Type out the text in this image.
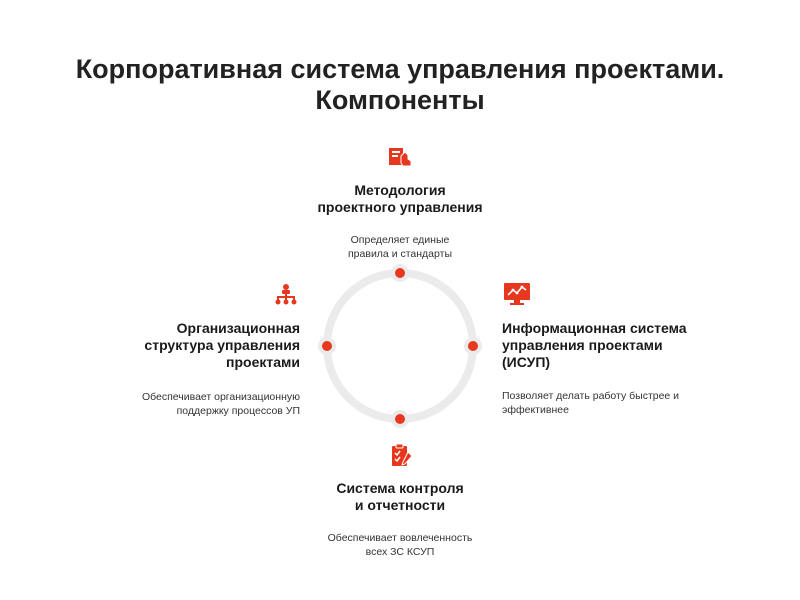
Корпоративная система управления проектами.
Компоненты
Методология
проектного управления
Определяет единые
правила и стандарты
Организационная
структура управления
проектами
Обеспечивает организационную
поддержку процессов УП
Информационная система
управления проектами
(ИСУП)
Позволяет делать работу быстрее и
эффективнее
Система контроля
и отчетности
Обеспечивает вовлеченность
всех ЗС КСУП
